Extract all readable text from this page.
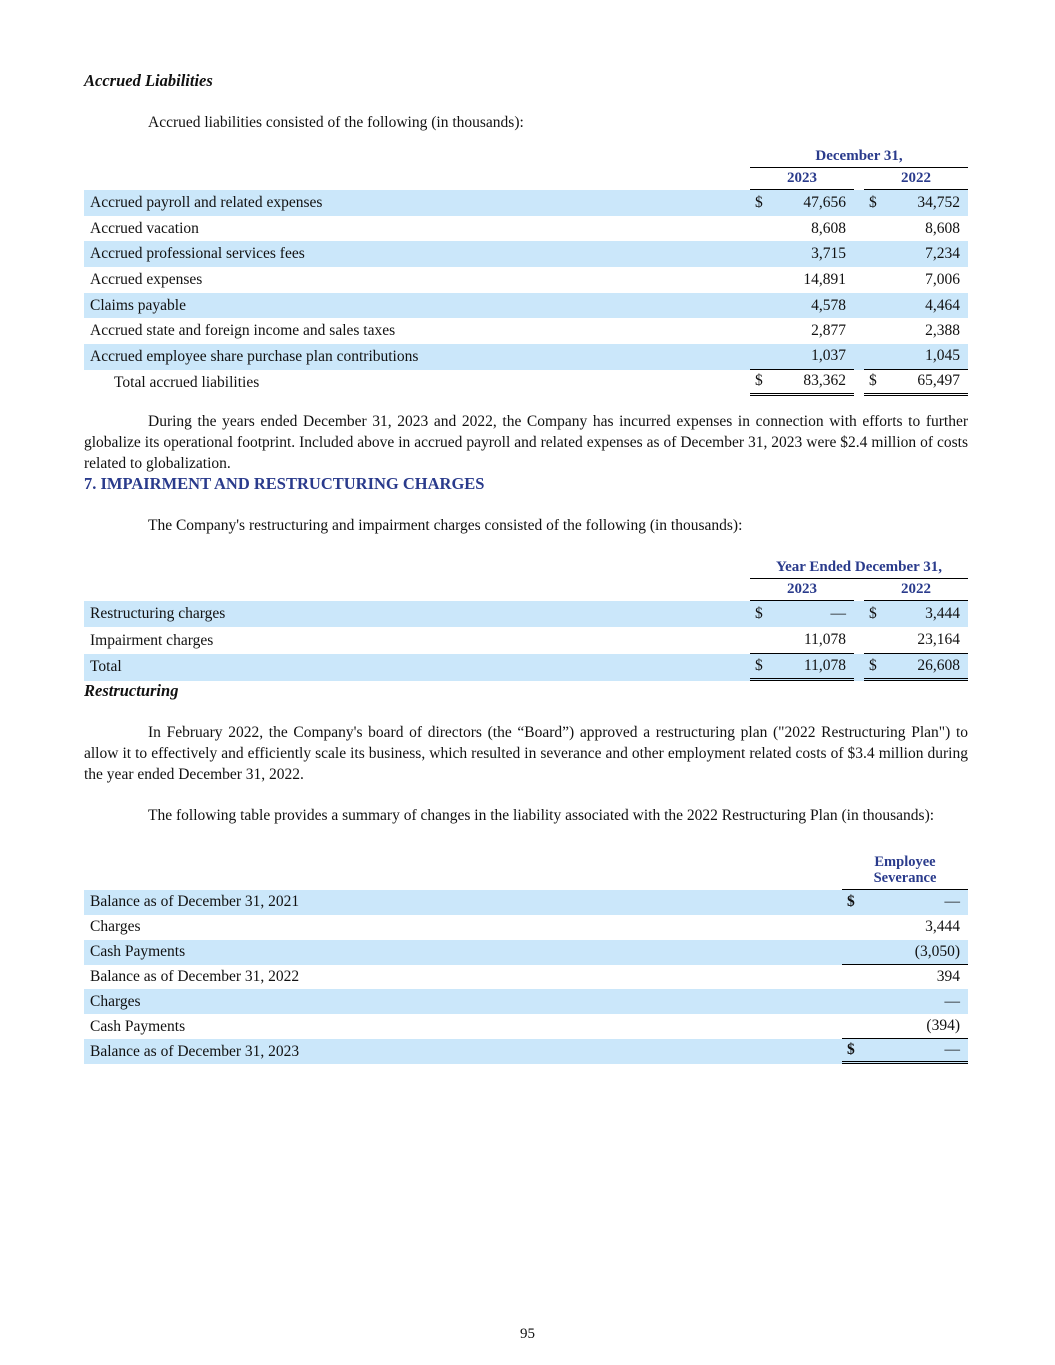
Accrued Liabilities

Accrued liabilities consisted of the following (in thousands):

December 31,
2023	2022
Accrued payroll and related expenses	$	47,656 $	34,752
Accrued vacation	8,608	8,608
Accrued professional services fees	3,715	7,234
Accrued expenses	14,891	7,006
Claims payable	4,578	4,464
Accrued state and foreign income and sales taxes	2,877	2,388
Accrued employee share purchase plan contributions	1,037	1,045
Total accrued liabilities	$	83,362 $	65,497

During the years ended December 31, 2023 and 2022, the Company has incurred expenses in connection with efforts to further globalize its operational footprint. Included above in accrued payroll and related expenses as of December 31, 2023 were $2.4 million of costs related to globalization.

7. IMPAIRMENT AND RESTRUCTURING CHARGES

The Company's restructuring and impairment charges consisted of the following (in thousands):

Year Ended December 31,
2023	2022
Restructuring charges	$	— $	3,444
Impairment charges	11,078	23,164
Total	$	11,078 $	26,608
Restructuring

In February 2022, the Company's board of directors (the “Board”) approved a restructuring plan ("2022 Restructuring Plan") to allow it to effectively and efficiently scale its business, which resulted in severance and other employment related costs of $3.4 million during the year ended December 31, 2022.

The following table provides a summary of changes in the liability associated with the 2022 Restructuring Plan (in thousands):

Employee
Severance
Balance as of December 31, 2021	$	—
Charges	3,444
Cash Payments	(3,050)
Balance as of December 31, 2022	394
Charges	—
Cash Payments	(394)
Balance as of December 31, 2023	$	—
95
